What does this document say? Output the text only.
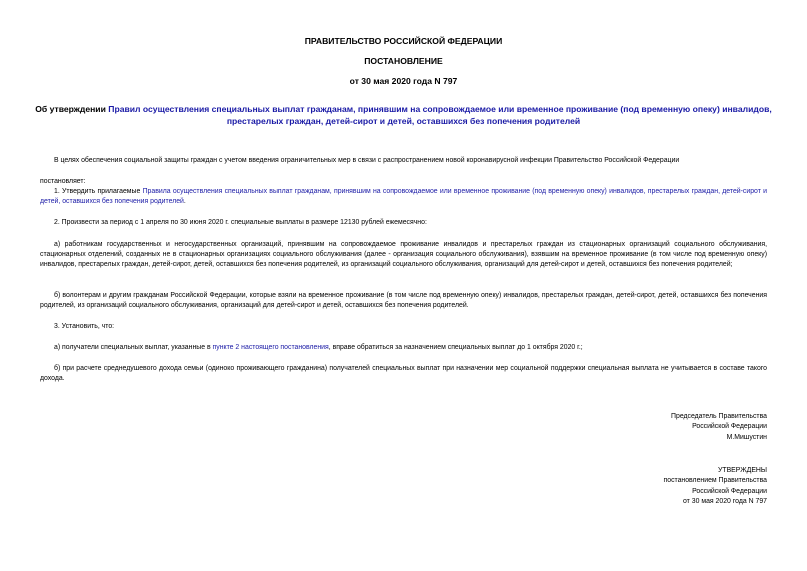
ПРАВИТЕЛЬСТВО РОССИЙСКОЙ ФЕДЕРАЦИИ
ПОСТАНОВЛЕНИЕ
от 30 мая 2020 года N 797
Об утверждении Правил осуществления специальных выплат гражданам, принявшим на сопровождаемое или временное проживание (под временную опеку) инвалидов, престарелых граждан, детей-сирот и детей, оставшихся без попечения родителей
В целях обеспечения социальной защиты граждан с учетом введения ограничительных мер в связи с распространением новой коронавирусной инфекции Правительство Российской Федерации
постановляет:
1. Утвердить прилагаемые Правила осуществления специальных выплат гражданам, принявшим на сопровождаемое или временное проживание (под временную опеку) инвалидов, престарелых граждан, детей-сирот и детей, оставшихся без попечения родителей.
2. Произвести за период с 1 апреля по 30 июня 2020 г. специальные выплаты в размере 12130 рублей ежемесячно:
а) работникам государственных и негосударственных организаций, принявшим на сопровождаемое проживание инвалидов и престарелых граждан из стационарных организаций социального обслуживания, стационарных отделений, созданных не в стационарных организациях социального обслуживания (далее - организация социального обслуживания), взявшим на временное проживание (в том числе под временную опеку) инвалидов, престарелых граждан, детей-сирот, детей, оставшихся без попечения родителей, из организаций социального обслуживания, организаций для детей-сирот и детей, оставшихся без попечения родителей;
б) волонтерам и другим гражданам Российской Федерации, которые взяли на временное проживание (в том числе под временную опеку) инвалидов, престарелых граждан, детей-сирот, детей, оставшихся без попечения родителей, из организаций социального обслуживания, организаций для детей-сирот и детей, оставшихся без попечения родителей.
3. Установить, что:
а) получатели специальных выплат, указанные в пункте 2 настоящего постановления, вправе обратиться за назначением специальных выплат до 1 октября 2020 г.;
б) при расчете среднедушевого дохода семьи (одиноко проживающего гражданина) получателей специальных выплат при назначении мер социальной поддержки специальная выплата не учитывается в составе такого дохода.
Председатель Правительства
Российской Федерации
М.Мишустин
УТВЕРЖДЕНЫ
постановлением Правительства
Российской Федерации
от 30 мая 2020 года N 797
